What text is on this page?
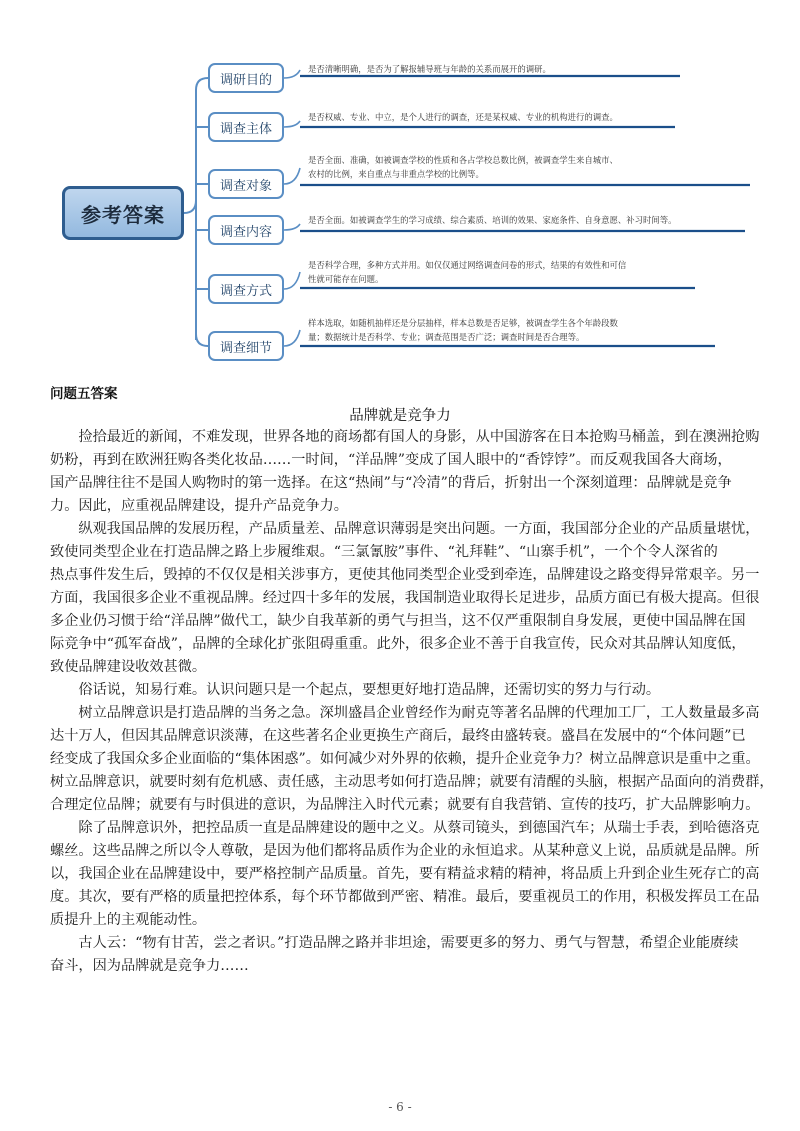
参考答案
调研目的
是否清晰明确，是否为了解报辅导班与年龄的关系而展开的调研。
调查主体
是否权威、专业、中立，是个人进行的调查，还是某权威、专业的机构进行的调查。
调查对象
是否全面、准确，如被调查学校的性质和各占学校总数比例，被调查学生来自城市、
农村的比例，来自重点与非重点学校的比例等。
调查内容
是否全面。如被调查学生的学习成绩、综合素质、培训的效果、家庭条件、自身意愿、补习时间等。
调查方式
是否科学合理，多种方式并用。如仅仅通过网络调查问卷的形式，结果的有效性和可信
性就可能存在问题。
调查细节
样本选取，如随机抽样还是分层抽样，样本总数是否足够，被调查学生各个年龄段数
量；数据统计是否科学、专业；调查范围是否广泛；调查时间是否合理等。
问题五答案
品牌就是竞争力
　　捡拾最近的新闻，不难发现，世界各地的商场都有国人的身影，从中国游客在日本抢购马桶盖，到在澳洲抢购
奶粉，再到在欧洲狂购各类化妆品……一时间，“洋品牌”变成了国人眼中的“香饽饽”。而反观我国各大商场，
国产品牌往往不是国人购物时的第一选择。在这“热闹”与“冷清”的背后，折射出一个深刻道理：品牌就是竞争
力。因此，应重视品牌建设，提升产品竞争力。
　　纵观我国品牌的发展历程，产品质量差、品牌意识薄弱是突出问题。一方面，我国部分企业的产品质量堪忧，
致使同类型企业在打造品牌之路上步履维艰。“三氯氰胺”事件、“礼拜鞋”、“山寨手机”，一个个令人深省的
热点事件发生后，毁掉的不仅仅是相关涉事方，更使其他同类型企业受到牵连，品牌建设之路变得异常艰辛。另一
方面，我国很多企业不重视品牌。经过四十多年的发展，我国制造业取得长足进步，品质方面已有极大提高。但很
多企业仍习惯于给“洋品牌”做代工，缺少自我革新的勇气与担当，这不仅严重限制自身发展，更使中国品牌在国
际竞争中“孤军奋战”，品牌的全球化扩张阻碍重重。此外，很多企业不善于自我宣传，民众对其品牌认知度低，
致使品牌建设收效甚微。
　　俗话说，知易行难。认识问题只是一个起点，要想更好地打造品牌，还需切实的努力与行动。
　　树立品牌意识是打造品牌的当务之急。深圳盛昌企业曾经作为耐克等著名品牌的代理加工厂，工人数量最多高
达十万人，但因其品牌意识淡薄，在这些著名企业更换生产商后，最终由盛转衰。盛昌在发展中的“个体问题”已
经变成了我国众多企业面临的“集体困惑”。如何减少对外界的依赖，提升企业竞争力？树立品牌意识是重中之重。
树立品牌意识，就要时刻有危机感、责任感，主动思考如何打造品牌；就要有清醒的头脑，根据产品面向的消费群，
合理定位品牌；就要有与时俱进的意识，为品牌注入时代元素；就要有自我营销、宣传的技巧，扩大品牌影响力。
　　除了品牌意识外，把控品质一直是品牌建设的题中之义。从蔡司镜头，到德国汽车；从瑞士手表，到哈德洛克
螺丝。这些品牌之所以令人尊敬，是因为他们都将品质作为企业的永恒追求。从某种意义上说，品质就是品牌。所
以，我国企业在品牌建设中，要严格控制产品质量。首先，要有精益求精的精神，将品质上升到企业生死存亡的高
度。其次，要有严格的质量把控体系，每个环节都做到严密、精准。最后，要重视员工的作用，积极发挥员工在品
质提升上的主观能动性。
　　古人云：“物有甘苦，尝之者识。”打造品牌之路并非坦途，需要更多的努力、勇气与智慧，希望企业能赓续
奋斗，因为品牌就是竞争力……
- 6 -
